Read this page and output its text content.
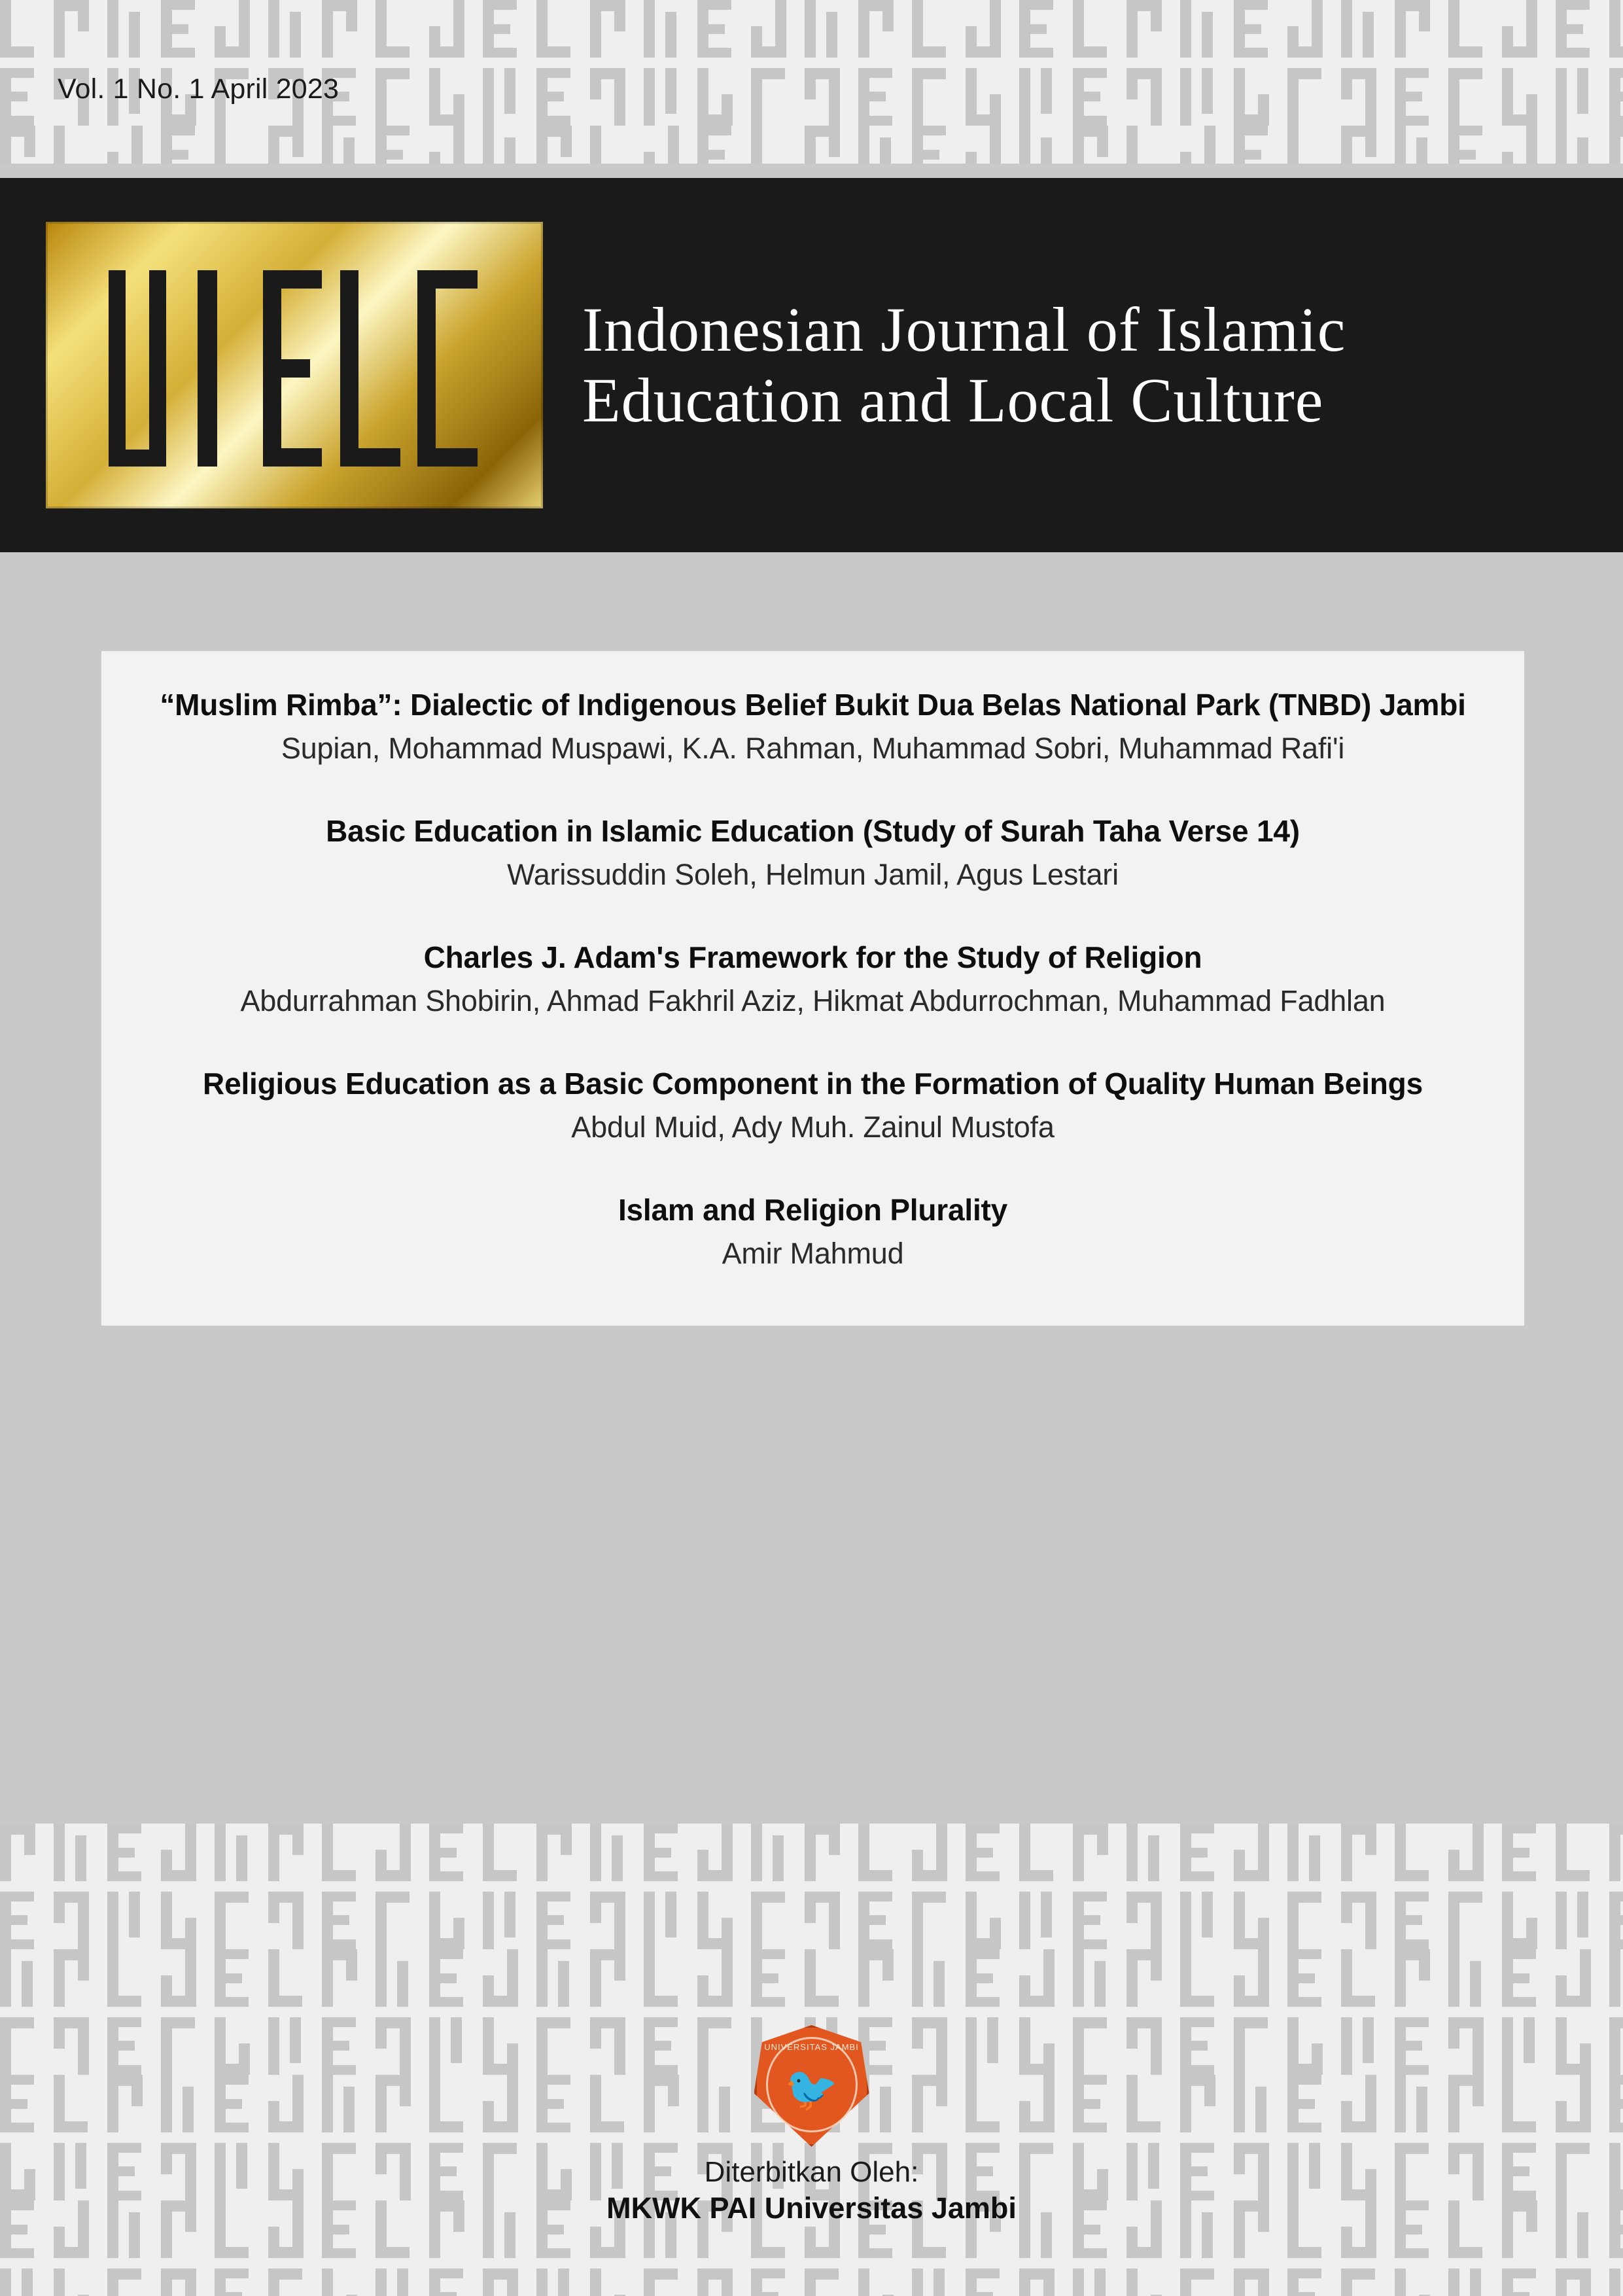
Vol. 1 No. 1 April 2023
Indonesian Journal of Islamic
Education and Local Culture
“Muslim Rimba”: Dialectic of Indigenous Belief Bukit Dua Belas National Park (TNBD) Jambi
Supian, Mohammad Muspawi, K.A. Rahman, Muhammad Sobri, Muhammad Rafi'i
Basic Education in Islamic Education (Study of Surah Taha Verse 14)
Warissuddin Soleh, Helmun Jamil, Agus Lestari
Charles J. Adam's Framework for the Study of Religion
Abdurrahman Shobirin, Ahmad Fakhril Aziz, Hikmat Abdurrochman, Muhammad Fadhlan
Religious Education as a Basic Component in the Formation of Quality Human Beings
Abdul Muid, Ady Muh. Zainul Mustofa
Islam and Religion Plurality
Amir Mahmud
UNIVERSITAS JAMBI
🐦
Diterbitkan Oleh:
MKWK PAI Universitas Jambi
